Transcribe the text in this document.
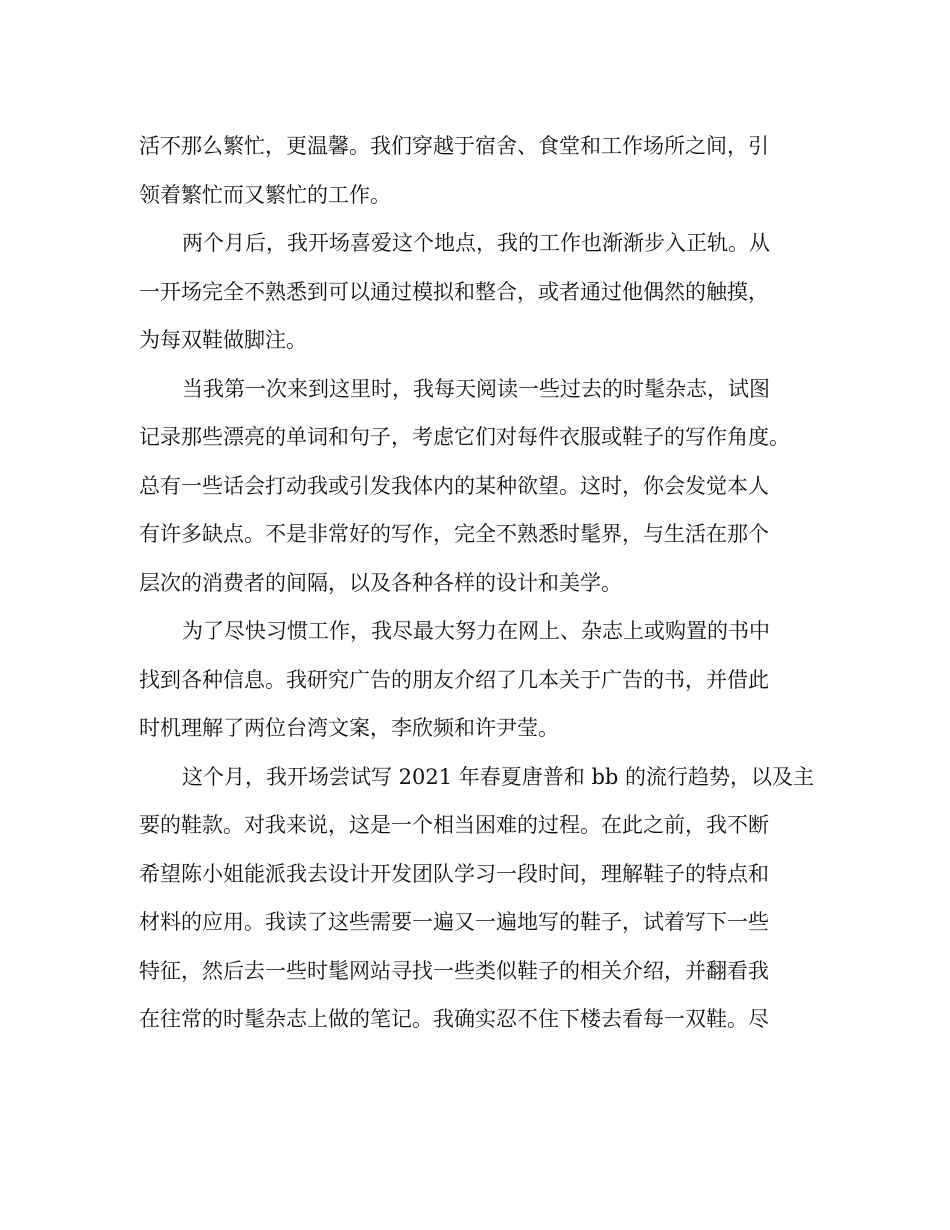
活不那么繁忙，更温馨。我们穿越于宿舍、食堂和工作场所之间，引
领着繁忙而又繁忙的工作。
两个月后，我开场喜爱这个地点，我的工作也渐渐步入正轨。从
一开场完全不熟悉到可以通过模拟和整合，或者通过他偶然的触摸，
为每双鞋做脚注。
当我第一次来到这里时，我每天阅读一些过去的时髦杂志，试图
记录那些漂亮的单词和句子，考虑它们对每件衣服或鞋子的写作角度。
总有一些话会打动我或引发我体内的某种欲望。这时，你会发觉本人
有许多缺点。不是非常好的写作，完全不熟悉时髦界，与生活在那个
层次的消费者的间隔，以及各种各样的设计和美学。
为了尽快习惯工作，我尽最大努力在网上、杂志上或购置的书中
找到各种信息。我研究广告的朋友介绍了几本关于广告的书，并借此
时机理解了两位台湾文案，李欣频和许尹莹。
这个月，我开场尝试写 2021 年春夏唐普和 bb 的流行趋势，以及主
要的鞋款。对我来说，这是一个相当困难的过程。在此之前，我不断
希望陈小姐能派我去设计开发团队学习一段时间，理解鞋子的特点和
材料的应用。我读了这些需要一遍又一遍地写的鞋子，试着写下一些
特征，然后去一些时髦网站寻找一些类似鞋子的相关介绍，并翻看我
在往常的时髦杂志上做的笔记。我确实忍不住下楼去看每一双鞋。尽
